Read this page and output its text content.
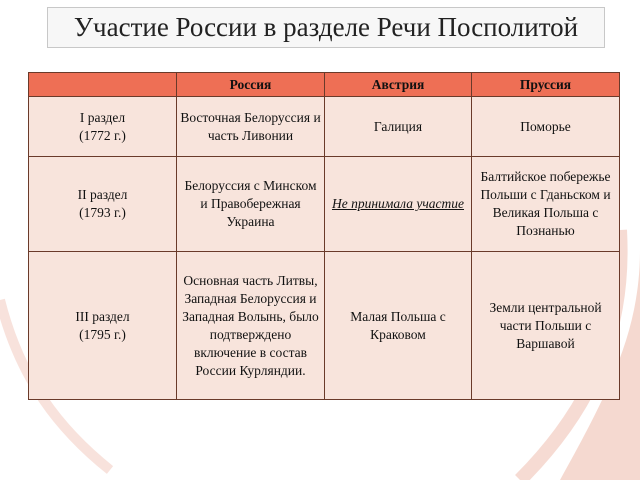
Участие России в разделе Речи Посполитой
	Россия	Австрия	Пруссия

I раздел
(1772 г.)	Восточная Белоруссия и часть Ливонии	Галиция	Поморье

II раздел
(1793 г.)	Белоруссия с Минском и Правобережная Украина	Не принимала участие	Балтийское побережье Польши с Гданьском и Великая Польша с Познанью

III раздел
(1795 г.)	Основная часть Литвы, Западная Белоруссия и Западная Волынь, было подтверждено включение в состав России Курляндии.	Малая Польша с Краковом	Земли центральной части Польши с Варшавой
